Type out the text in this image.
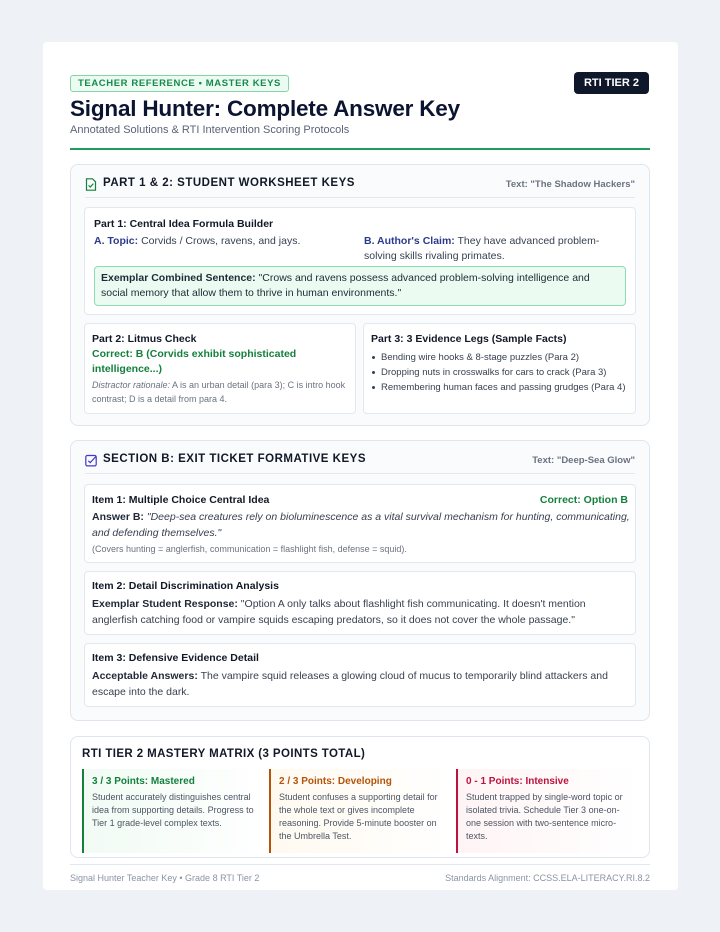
TEACHER REFERENCE • MASTER KEYS	RTI TIER 2
Signal Hunter: Complete Answer Key
Annotated Solutions & RTI Intervention Scoring Protocols
PART 1 & 2: STUDENT WORKSHEET KEYS	Text: "The Shadow Hackers"
Part 1: Central Idea Formula Builder
A. Topic: Corvids / Crows, ravens, and jays.	B. Author's Claim: They have advanced problem-solving skills rivaling primates.
Exemplar Combined Sentence: "Crows and ravens possess advanced problem-solving intelligence and social memory that allow them to thrive in human environments."
Part 2: Litmus Check
Correct: B (Corvids exhibit sophisticated intelligence...)
Distractor rationale: A is an urban detail (para 3); C is intro hook contrast; D is a detail from para 4.
Part 3: 3 Evidence Legs (Sample Facts)
Bending wire hooks & 8-stage puzzles (Para 2)
Dropping nuts in crosswalks for cars to crack (Para 3)
Remembering human faces and passing grudges (Para 4)
SECTION B: EXIT TICKET FORMATIVE KEYS	Text: "Deep-Sea Glow"
Item 1: Multiple Choice Central Idea	Correct: Option B
Answer B: "Deep-sea creatures rely on bioluminescence as a vital survival mechanism for hunting, communicating, and defending themselves."
(Covers hunting = anglerfish, communication = flashlight fish, defense = squid).
Item 2: Detail Discrimination Analysis
Exemplar Student Response: "Option A only talks about flashlight fish communicating. It doesn't mention anglerfish catching food or vampire squids escaping predators, so it does not cover the whole passage."
Item 3: Defensive Evidence Detail
Acceptable Answers: The vampire squid releases a glowing cloud of mucus to temporarily blind attackers and escape into the dark.
RTI TIER 2 MASTERY MATRIX (3 POINTS TOTAL)
3 / 3 Points: Mastered
Student accurately distinguishes central idea from supporting details. Progress to Tier 1 grade-level complex texts.
2 / 3 Points: Developing
Student confuses a supporting detail for the whole text or gives incomplete reasoning. Provide 5-minute booster on the Umbrella Test.
0 - 1 Points: Intensive
Student trapped by single-word topic or isolated trivia. Schedule Tier 3 one-on-one session with two-sentence micro-texts.
Signal Hunter Teacher Key • Grade 8 RTI Tier 2	Standards Alignment: CCSS.ELA-LITERACY.RI.8.2
